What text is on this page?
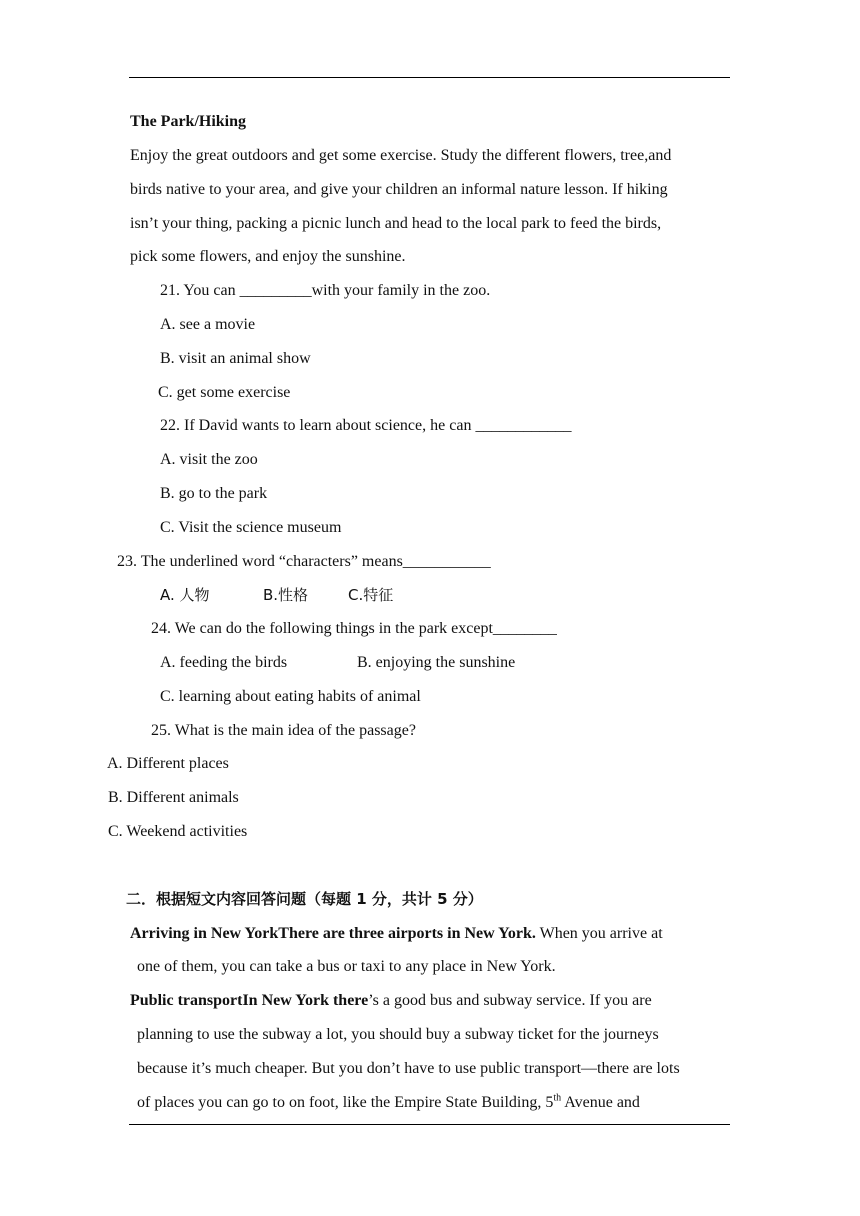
The Park/Hiking
Enjoy the great outdoors and get some exercise. Study the different flowers, tree,and
birds native to your area, and give your children an informal nature lesson. If hiking
isn’t your thing, packing a picnic lunch and head to the local park to feed the birds,
pick some flowers, and enjoy the sunshine.
21. You can _________with your family in the zoo.
A. see a movie
B. visit an animal show
C. get some exercise
22. If David wants to learn about science, he can ____________
A. visit the zoo
B. go to the park
C. Visit the science museum
23. The underlined word “characters” means___________
A. 人物	B.性格	C.特征
24. We can do the following things in the park except________
A. feeding the birds	B. enjoying the sunshine
C. learning about eating habits of animal
25. What is the main idea of the passage?
A. Different places
B. Different animals
C. Weekend activities
二．根据短文内容回答问题（每题 1 分，共计 5 分）
Arriving in New YorkThere are three airports in New York. When you arrive at
one of them, you can take a bus or taxi to any place in New York.
Public transportIn New York there’s a good bus and subway service. If you are
planning to use the subway a lot, you should buy a subway ticket for the journeys
because it’s much cheaper. But you don’t have to use public transport—there are lots
of places you can go to on foot, like the Empire State Building, 5th Avenue and
